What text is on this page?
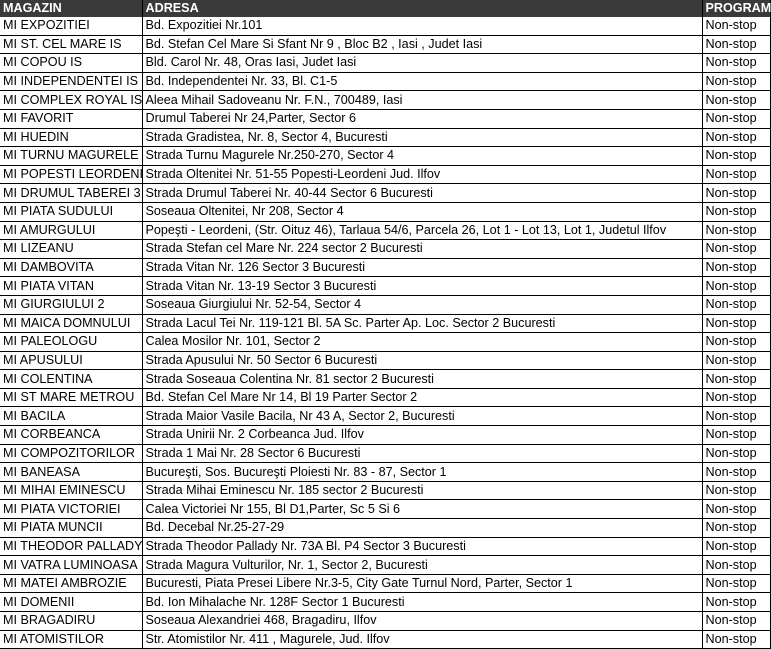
MAGAZIN	ADRESA	PROGRAM
MI EXPOZITIEI	Bd. Expozitiei Nr.101	Non-stop
MI ST. CEL MARE IS	Bd. Stefan Cel Mare Si Sfant Nr 9 , Bloc B2 , Iasi , Judet Iasi	Non-stop
MI COPOU IS	Bld. Carol Nr. 48, Oras Iasi, Judet Iasi	Non-stop
MI INDEPENDENTEI IS	Bd. Independentei Nr. 33, Bl. C1-5	Non-stop
MI COMPLEX ROYAL IS	Aleea Mihail Sadoveanu Nr. F.N., 700489, Iasi	Non-stop
MI FAVORIT	Drumul Taberei Nr 24,Parter, Sector 6	Non-stop
MI HUEDIN	Strada Gradistea, Nr. 8, Sector 4, Bucuresti	Non-stop
MI TURNU MAGURELE	Strada Turnu Magurele Nr.250-270, Sector 4	Non-stop
MI POPESTI LEORDENI	Strada Oltenitei Nr. 51-55 Popesti-Leordeni Jud. Ilfov	Non-stop
MI DRUMUL TABEREI 3	Strada Drumul Taberei Nr. 40-44 Sector 6 Bucuresti	Non-stop
MI PIATA SUDULUI	Soseaua Oltenitei, Nr 208, Sector 4	Non-stop
MI AMURGULUI	Popeşti - Leordeni, (Str. Oituz 46), Tarlaua 54/6, Parcela 26, Lot 1 - Lot 13, Lot 1, Judetul Ilfov	Non-stop
MI LIZEANU	Strada Stefan cel Mare Nr. 224 sector 2 Bucuresti	Non-stop
MI DAMBOVITA	Strada Vitan Nr. 126 Sector 3 Bucuresti	Non-stop
MI PIATA VITAN	Strada Vitan Nr. 13-19 Sector 3 Bucuresti	Non-stop
MI GIURGIULUI 2	Soseaua Giurgiului Nr. 52-54, Sector 4	Non-stop
MI MAICA DOMNULUI	Strada Lacul Tei Nr. 119-121 Bl. 5A Sc. Parter Ap. Loc. Sector 2 Bucuresti	Non-stop
MI PALEOLOGU	Calea Mosilor Nr. 101, Sector 2	Non-stop
MI APUSULUI	Strada Apusului Nr. 50 Sector 6 Bucuresti	Non-stop
MI COLENTINA	Strada Soseaua Colentina Nr. 81 sector 2 Bucuresti	Non-stop
MI ST MARE METROU	Bd. Stefan Cel Mare Nr 14, Bl 19 Parter Sector 2	Non-stop
MI BACILA	Strada Maior Vasile Bacila, Nr 43 A, Sector 2, Bucuresti	Non-stop
MI CORBEANCA	Strada Unirii Nr. 2 Corbeanca Jud. Ilfov	Non-stop
MI COMPOZITORILOR	Strada 1 Mai Nr. 28 Sector 6 Bucuresti	Non-stop
MI BANEASA	Bucureşti, Sos. Bucureşti Ploiesti Nr. 83 - 87, Sector 1	Non-stop
MI MIHAI EMINESCU	Strada Mihai Eminescu Nr. 185 sector 2 Bucuresti	Non-stop
MI PIATA VICTORIEI	Calea Victoriei Nr 155, Bl D1,Parter, Sc 5 Si 6	Non-stop
MI PIATA MUNCII	Bd. Decebal Nr.25-27-29	Non-stop
MI THEODOR PALLADY	Strada Theodor Pallady Nr. 73A Bl. P4 Sector 3 Bucuresti	Non-stop
MI VATRA LUMINOASA	Strada Magura Vulturilor, Nr. 1, Sector 2, Bucuresti	Non-stop
MI MATEI AMBROZIE	Bucuresti, Piata Presei Libere Nr.3-5, City Gate Turnul Nord, Parter, Sector 1	Non-stop
MI DOMENII	Bd. Ion Mihalache Nr. 128F Sector 1 Bucuresti	Non-stop
MI BRAGADIRU	Soseaua Alexandriei 468, Bragadiru, Ilfov	Non-stop
MI ATOMISTILOR	Str. Atomistilor Nr. 411 , Magurele, Jud. Ilfov	Non-stop
